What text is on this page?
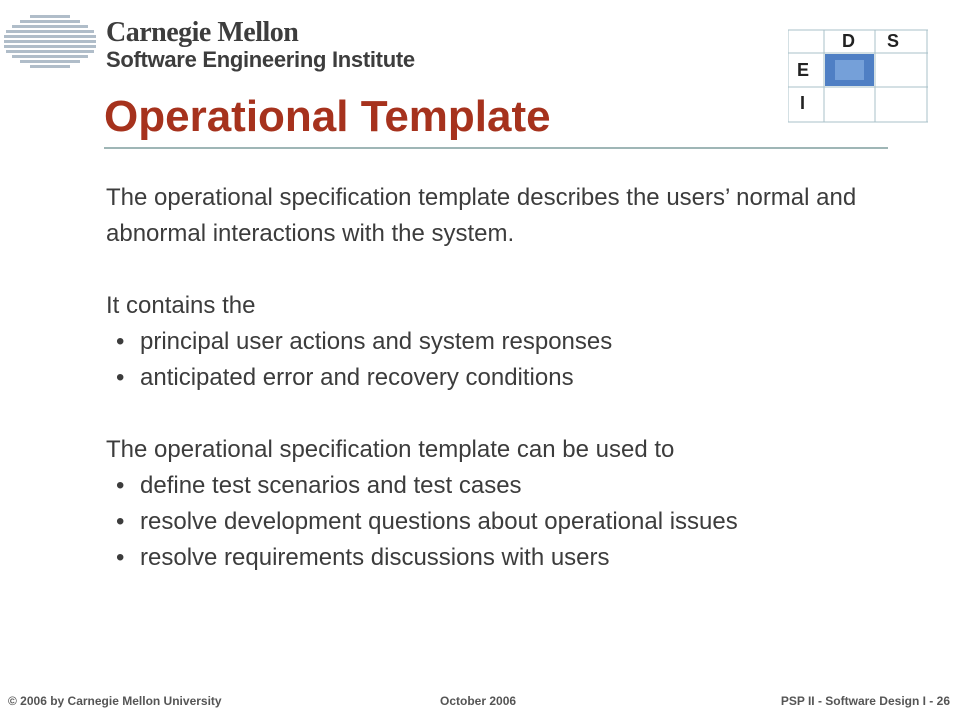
Carnegie Mellon
Software Engineering Institute
D S
E
I
Operational Template

The operational specification template describes the users’ normal and abnormal interactions with the system.

It contains the

• principal user actions and system responses
• anticipated error and recovery conditions

The operational specification template can be used to

• define test scenarios and test cases
• resolve development questions about operational issues
• resolve requirements discussions with users
© 2006 by Carnegie Mellon University	October 2006	PSP II - Software Design I - 26
